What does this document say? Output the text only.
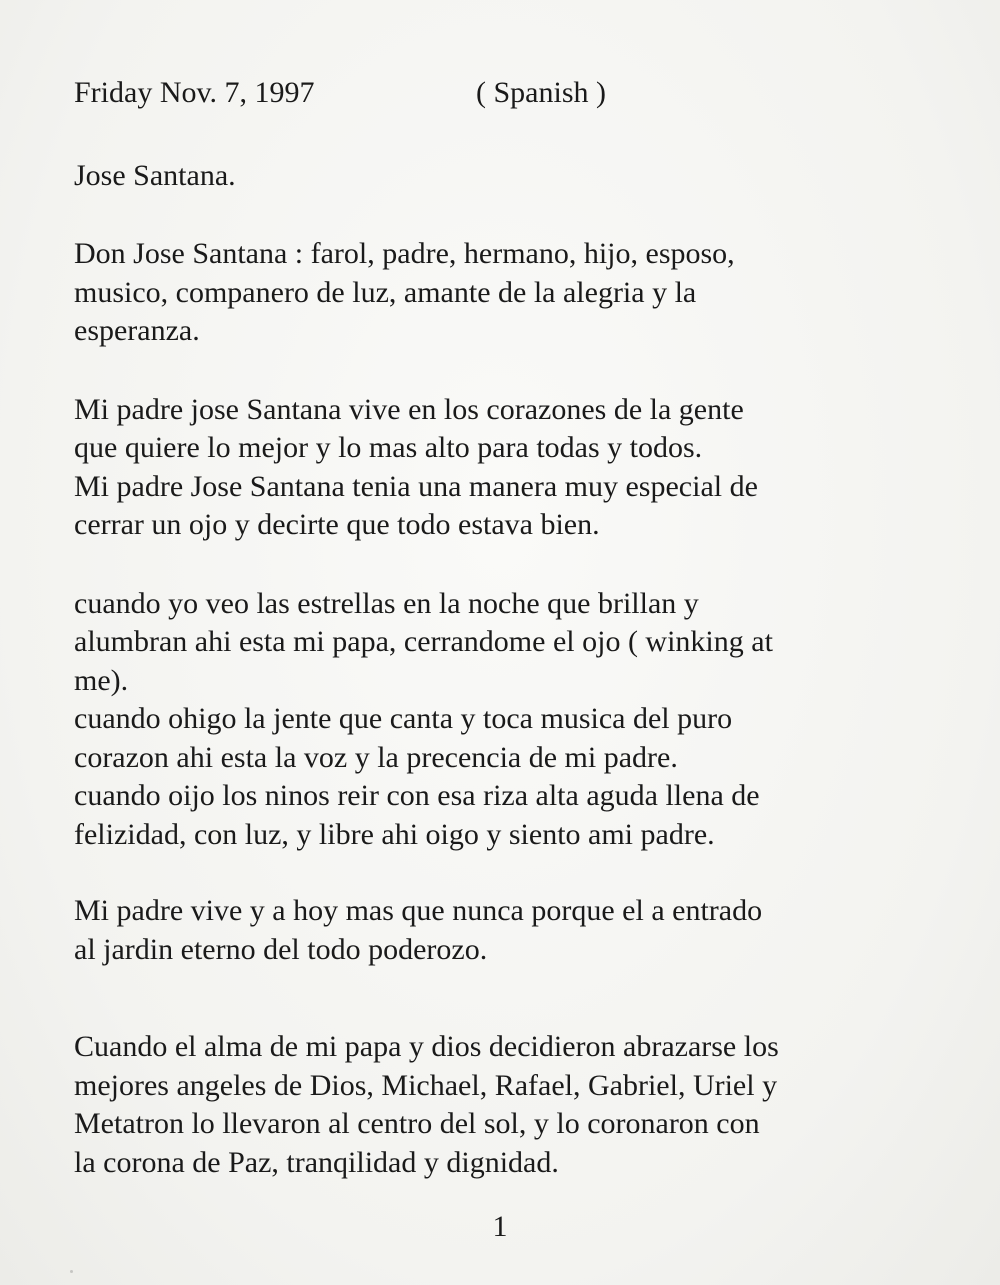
Friday Nov. 7, 1997	( Spanish )
Jose Santana.

Don Jose Santana : farol, padre, hermano, hijo, esposo,

musico, companero de luz, amante de la alegria y la

esperanza.

Mi padre jose Santana vive en los corazones de la gente

que quiere lo mejor y lo mas alto para todas y todos.

Mi padre Jose Santana tenia una manera muy especial de

cerrar un ojo y decirte que todo estava bien.

cuando yo veo las estrellas en la noche que brillan y

alumbran ahi esta mi papa, cerrandome el ojo ( winking at

me).

cuando ohigo la jente que canta y toca musica del puro

corazon ahi esta la voz y la precencia de mi padre.

cuando oijo los ninos reir con esa riza alta aguda llena de

felizidad, con luz, y libre ahi oigo y siento ami padre.

Mi padre vive y a hoy mas que nunca porque el a entrado

al jardin eterno del todo poderozo.

Cuando el alma de mi papa y dios decidieron abrazarse los

mejores angeles de Dios, Michael, Rafael, Gabriel, Uriel y

Metatron lo llevaron al centro del sol, y lo coronaron con

la corona de Paz, tranqilidad y dignidad.

1
